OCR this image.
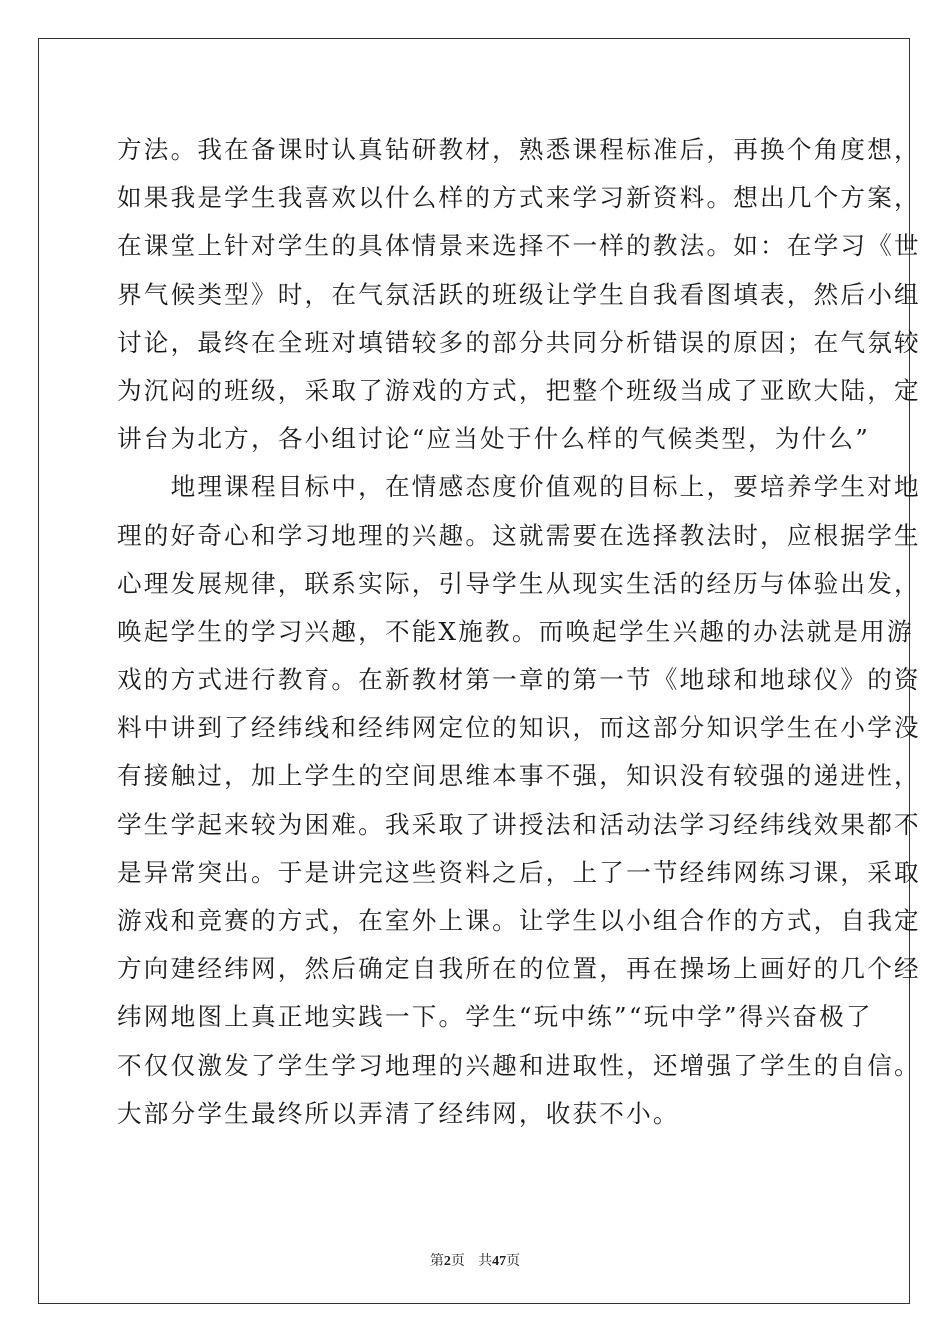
方法。我在备课时认真钻研教材，熟悉课程标准后，再换个角度想，
如果我是学生我喜欢以什么样的方式来学习新资料。想出几个方案，
在课堂上针对学生的具体情景来选择不一样的教法。如：在学习《世
界气候类型》时，在气氛活跃的班级让学生自我看图填表，然后小组
讨论，最终在全班对填错较多的部分共同分析错误的原因；在气氛较
为沉闷的班级，采取了游戏的方式，把整个班级当成了亚欧大陆，定
讲台为北方，各小组讨论“应当处于什么样的气候类型，为什么”
　　地理课程目标中，在情感态度价值观的目标上，要培养学生对地
理的好奇心和学习地理的兴趣。这就需要在选择教法时，应根据学生
心理发展规律，联系实际，引导学生从现实生活的经历与体验出发，
唤起学生的学习兴趣，不能X施教。而唤起学生兴趣的办法就是用游
戏的方式进行教育。在新教材第一章的第一节《地球和地球仪》的资
料中讲到了经纬线和经纬网定位的知识，而这部分知识学生在小学没
有接触过，加上学生的空间思维本事不强，知识没有较强的递进性，
学生学起来较为困难。我采取了讲授法和活动法学习经纬线效果都不
是异常突出。于是讲完这些资料之后，上了一节经纬网练习课，采取
游戏和竞赛的方式，在室外上课。让学生以小组合作的方式，自我定
方向建经纬网，然后确定自我所在的位置，再在操场上画好的几个经
纬网地图上真正地实践一下。学生“玩中练”“玩中学”得兴奋极了
不仅仅激发了学生学习地理的兴趣和进取性，还增强了学生的自信。
大部分学生最终所以弄清了经纬网，收获不小。
第2页 共47页
